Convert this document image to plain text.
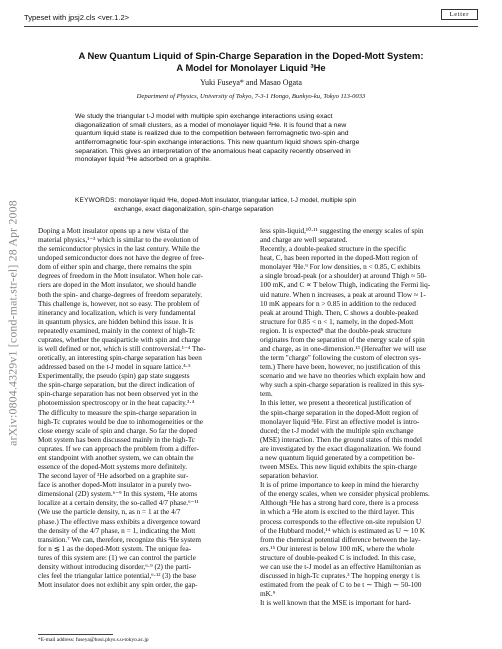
Typeset with jpsj2.cls <ver.1.2>	Letter
arXiv:0804.4329v1 [cond-mat.str-el] 28 Apr 2008
A New Quantum Liquid of Spin-Charge Separation in the Doped-Mott System:
A Model for Monolayer Liquid ³He
Yuki Fuseya* and Masao Ogata
Department of Physics, University of Tokyo, 7-3-1 Hongo, Bunkyo-ku, Tokyo 113-0033
We study the triangular t-J model with multiple spin exchange interactions using exact
diagonalization of small clusters, as a model of monolayer liquid ³He. It is found that a new
quantum liquid state is realized due to the competition between ferromagnetic two-spin and
antiferromagnetic four-spin exchange interactions. This new quantum liquid shows spin-charge
separation. This gives an interpretation of the anomalous heat capacity recently observed in
monolayer liquid ³He adsorbed on a graphite.
KEYWORDS: monolayer liquid ³He, doped-Mott insulator, triangular lattice, t-J model, multiple spin
exchange, exact diagonalization, spin-charge separation
Doping a Mott insulator opens up a new vista of the
material physics,¹⁻³ which is similar to the evolution of
the semiconductor physics in the last century. While the
undoped semiconductor does not have the degree of free-
dom of either spin and charge, there remains the spin
degrees of freedom in the Mott insulator. When hole car-
riers are doped in the Mott insulator, we should handle
both the spin- and charge-degrees of freedom separately.
This challenge is, however, not so easy. The problem of
itinerancy and localization, which is very fundamental
in quantum physics, are hidden behind this issue. It is
repeatedly examined, mainly in the context of high-Tc
cuprates, whether the quasiparticle with spin and charge
is well defined or not, which is still controversial.¹⁻⁴ The-
oretically, an interesting spin-charge separation has been
addressed based on the t-J model in square lattice.⁴·⁵
Experimentally, the pseudo (spin) gap state suggests
the spin-charge separation, but the direct indication of
spin-charge separation has not been observed yet in the
photoemission spectroscopy or in the heat capacity.³·⁴
The difficulty to measure the spin-charge separation in
high-Tc cuprates would be due to inhomogeneities or the
close energy scale of spin and charge. So far the doped
Mott system has been discussed mainly in the high-Tc
cuprates. If we can approach the problem from a differ-
ent standpoint with another system, we can obtain the
essence of the doped-Mott systems more definitely.
The second layer of ³He adsorbed on a graphite sur-
face is another doped-Mott insulator in a purely two-
dimensional (2D) system.⁶⁻⁹ In this system, ³He atoms
localize at a certain density, the so-called 4/7 phase.⁶⁻¹¹
(We use the particle density, n, as n = 1 at the 4/7
phase.) The effective mass exhibits a divergence toward
the density of the 4/7 phase, n = 1, indicating the Mott
transition.⁷ We can, therefore, recognize this ³He system
for n ≲ 1 as the doped-Mott system. The unique fea-
tures of this system are: (1) we can control the particle
density without introducing disorder,⁶·⁹ (2) the parti-
cles feel the triangular lattice potential,⁶·¹² (3) the base
Mott insulator does not exhibit any spin order, the gap-
less spin-liquid,¹⁰·¹¹ suggesting the energy scales of spin
and charge are well separated.
Recently, a double-peaked structure in the specific
heat, C, has been reported in the doped-Mott region of
monolayer ³He.⁹ For low densities, n < 0.85, C exhibits
a single broad-peak (or a shoulder) at around Thigh ≈ 50-
100 mK, and C ∝ T below Thigh, indicating the Fermi liq-
uid nature. When n increases, a peak at around Tlow ≈ 1-
10 mK appears for n > 0.85 in addition to the reduced
peak at around Thigh. Then, C shows a double-peaked
structure for 0.85 < n < 1, namely, in the doped-Mott
region. It is expected⁹ that the double-peak structure
originates from the separation of the energy scale of spin
and charge, as in one-dimension.¹³ (Hereafter we will use
the term "charge" following the custom of electron sys-
tem.) There have been, however, no justification of this
scenario and we have no theories which explain how and
why such a spin-charge separation is realized in this sys-
tem.
In this letter, we present a theoretical justification of
the spin-charge separation in the doped-Mott region of
monolayer liquid ³He. First an effective model is intro-
duced; the t-J model with the multiple spin exchange
(MSE) interaction. Then the ground states of this model
are investigated by the exact diagonalization. We found
a new quantum liquid generated by a competition be-
tween MSEs. This new liquid exhibits the spin-charge
separation behavior.
It is of prime importance to keep in mind the hierarchy
of the energy scales, when we consider physical problems.
Although ³He has a strong hard core, there is a process
in which a ³He atom is excited to the third layer. This
process corresponds to the effective on-site repulsion U
of the Hubbard model,¹⁴ which is estimated as U ∼ 10 K
from the chemical potential difference between the lay-
ers.¹⁵ Our interest is below 100 mK, where the whole
structure of double-peaked C is included. In this case,
we can use the t-J model as an effective Hamiltonian as
discussed in high-Tc cuprates.³ The hopping energy t is
estimated from the peak of C to be t ∼ Thigh ∼ 50-100
mK.⁹
It is well known that the MSE is important for hard-
*E-mail address: fuseya@hosi.phys.s.u-tokyo.ac.jp
